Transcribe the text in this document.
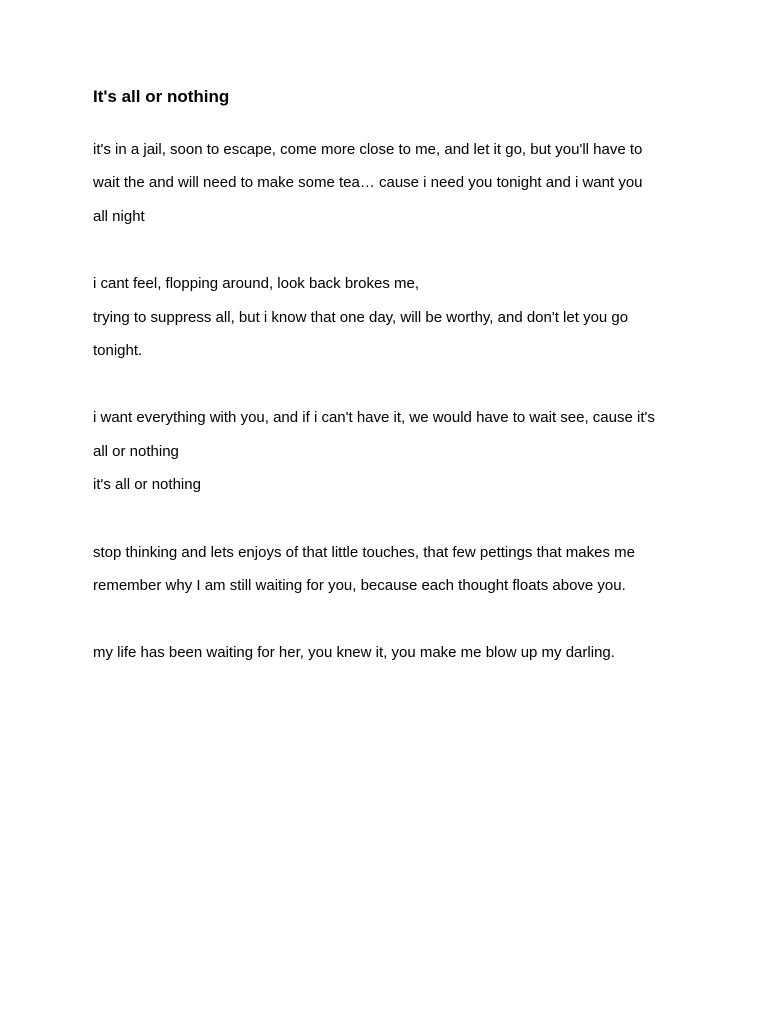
It's all or nothing

it's in a jail, soon to escape, come more close to me, and let it go, but you'll have to

wait the and will need to make some tea… cause i need you tonight and i want you

all night

i cant feel, flopping around, look back brokes me,

trying to suppress all, but i know that one day, will be worthy, and don't let you go

tonight.

i want everything with you, and if i can't have it, we would have to wait see, cause it's

all or nothing

it's all or nothing

stop thinking and lets enjoys of that little touches, that few pettings that makes me

remember why I am still waiting for you, because each thought floats above you.

my life has been waiting for her, you knew it, you make me blow up my darling.
